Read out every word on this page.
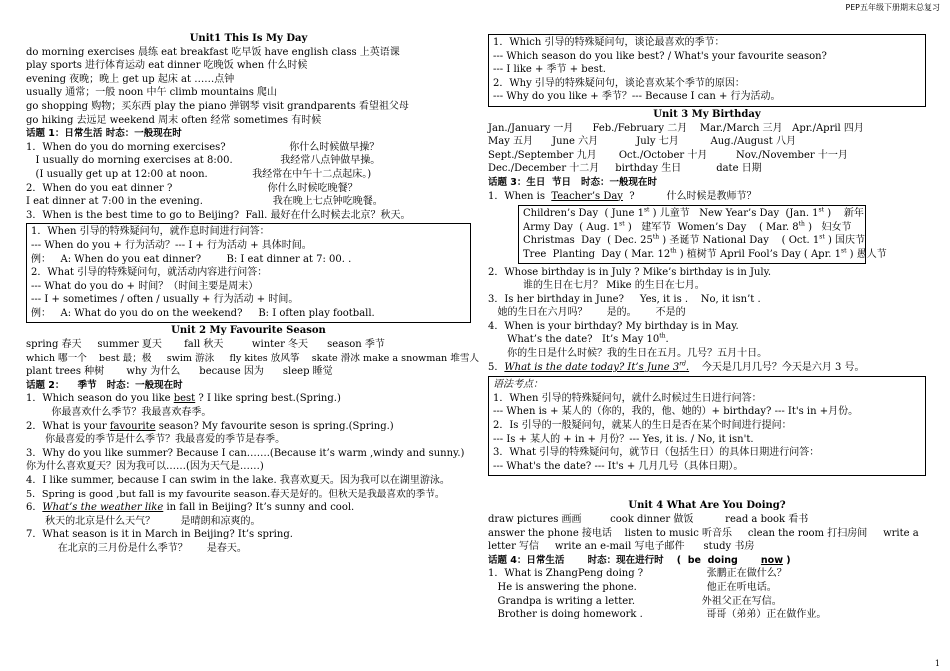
PEP五年级下册期末总复习
Unit1 This Is My Day
do morning exercises 晨练 eat breakfast 吃早饭 have english class 上英语课
play sports 进行体育运动 eat dinner 吃晚饭 when 什么时候
evening 夜晚；晚上 get up 起床 at ……点钟
usually 通常；一般 noon 中午 climb mountains 爬山
go shopping 购物；买东西 play the piano 弹钢琴 visit grandparents 看望祖父母
go hiking 去远足 weekend 周末 often 经常 sometimes 有时候
话题 1：日常生活 时态：一般现在时
1．When do you do morning exercises?                    你什么时候做早操？
I usually do morning exercises at 8:00.               我经常八点钟做早操。
(I usually get up at 12:00 at noon.              我经常在中午十二点起床。)
2．When do you eat dinner ?                              你什么时候吃晚餐？
I eat dinner at 7:00 in the evening.                      我在晚上七点钟吃晚餐。
3．When is the best time to go to Beijing?  Fall. 最好在什么时候去北京？秋天。
1．When 引导的特殊疑问句，就作息时间进行问答：
--- When do you + 行为活动？--- I + 行为活动 + 具体时间。
例：   A: When do you eat dinner?        B: I eat dinner at 7: 00. .
2．What 引导的特殊疑问句，就活动内容进行问答：
--- What do you do + 时间？（时间主要是周末）
--- I + sometimes / often / usually + 行为活动 + 时间。
例：   A: What do you do on the weekend?     B: I often play football.
Unit 2 My Favourite Season
spring 春天     summer 夏天       fall 秋天         winter 冬天      season 季节
which 哪一个    best 最；极     swim 游泳     fly kites 放风筝    skate 滑冰 make a snowman 堆雪人
plant trees 种树       why 为什么      because 因为      sleep 睡觉
话题 2：    季节   时态：一般现在时
1．Which season do you like best ? I like spring best.(Spring.)
你最喜欢什么季节？我最喜欢春季。
2．What is your favourite season? My favourite seson is spring.(Spring.)
你最喜爱的季节是什么季节？我最喜爱的季节是春季。
3．Why do you like summer? Because I can…….(Because it’s warm ,windy and sunny.) 你为什么喜欢夏天？因为我可以……(因为天气是……)
4．I like summer, because I can swim in the lake. 我喜欢夏天。因为我可以在湖里游泳。
5．Spring is good ,but fall is my favourite season.春天是好的。但秋天是我最喜欢的季节。
6．What’s the weather like in fall in Beijing? It’s sunny and cool.
秋天的北京是什么天气？        是晴朗和凉爽的。
7．What season is it in March in Beijing? It’s spring.
在北京的三月份是什么季节？      是春天。
1．Which 引导的特殊疑问句，谈论最喜欢的季节：
--- Which season do you like best? / What's your favourite season?
--- I like + 季节 + best.
2．Why 引导的特殊疑问句，谈论喜欢某个季节的原因：
--- Why do you like + 季节？--- Because I can + 行为活动。
Unit 3 My Birthday
Jan./January 一月      Feb./February 二月    Mar./March 三月   Apr./April 四月
May 五月      June 六月            July 七月          Aug./August 八月
Sept./September 九月       Oct./October 十月         Nov./November 十一月
Dec./December 十二月     birthday 生日           date 日期
话题 3：生日  节日   时态：一般现在时
1．When is  Teacher’s Day  ?          什么时候是教师节？
Children’s Day  ( June 1st ) 儿童节   New Year’s Day  (Jan. 1st )    新年
Army Day  ( Aug. 1st )   建军节  Women’s Day    ( Mar. 8th )   妇女节
Christmas  Day  ( Dec. 25th ) 圣诞节 National Day    ( Oct. 1st ) 国庆节
Tree  Planting  Day ( Mar. 12th ) 植树节 April Fool’s Day ( Apr. 1st ) 愚人节
2．Whose birthday is in July ? Mike’s birthday is in July.
谁的生日在七月？ Mike 的生日在七月。
3．Is her birthday in June?     Yes, it is .    No, it isn’t .
她的生日在六月吗？      是的。      不是的
4．When is your birthday? My birthday is in May.
What’s the date?   It’s May 10th.
你的生日是什么时候？我的生日在五月。几号？五月十日。
5．What is the date today? It’s June 3rd.    今天是几月几号？今天是六月 3 号。
语法考点：
1．When 引导的特殊疑问句，就什么时候过生日进行问答：
--- When is + 某人的（你的，我的，他、她的）+ birthday? --- It's in +月份。
2．Is 引导的一般疑问句，就某人的生日是否在某个时间进行提问：
--- Is + 某人的 + in + 月份？--- Yes, it is. / No, it isn't.
3．What 引导的特殊疑问句，就节日（包括生日）的具体日期进行问答：
--- What's the date? --- It's + 几月几号（具体日期）。
Unit 4 What Are You Doing?
draw pictures 画画         cook dinner 做饭          read a book 看书
answer the phone 接电话    listen to music 听音乐     clean the room 打扫房间     write a letter 写信     write an e-mail 写电子邮件      study 书房
话题 4：日常生活       时态：现在进行时    (  be  doing       now )
1．What is ZhangPeng doing ?                    张鹏正在做什么？
He is answering the phone.                      他正在听电话。
Grandpa is writing a letter.                     外祖父正在写信。
Brother is doing homework .                    哥哥（弟弟）正在做作业。
1
